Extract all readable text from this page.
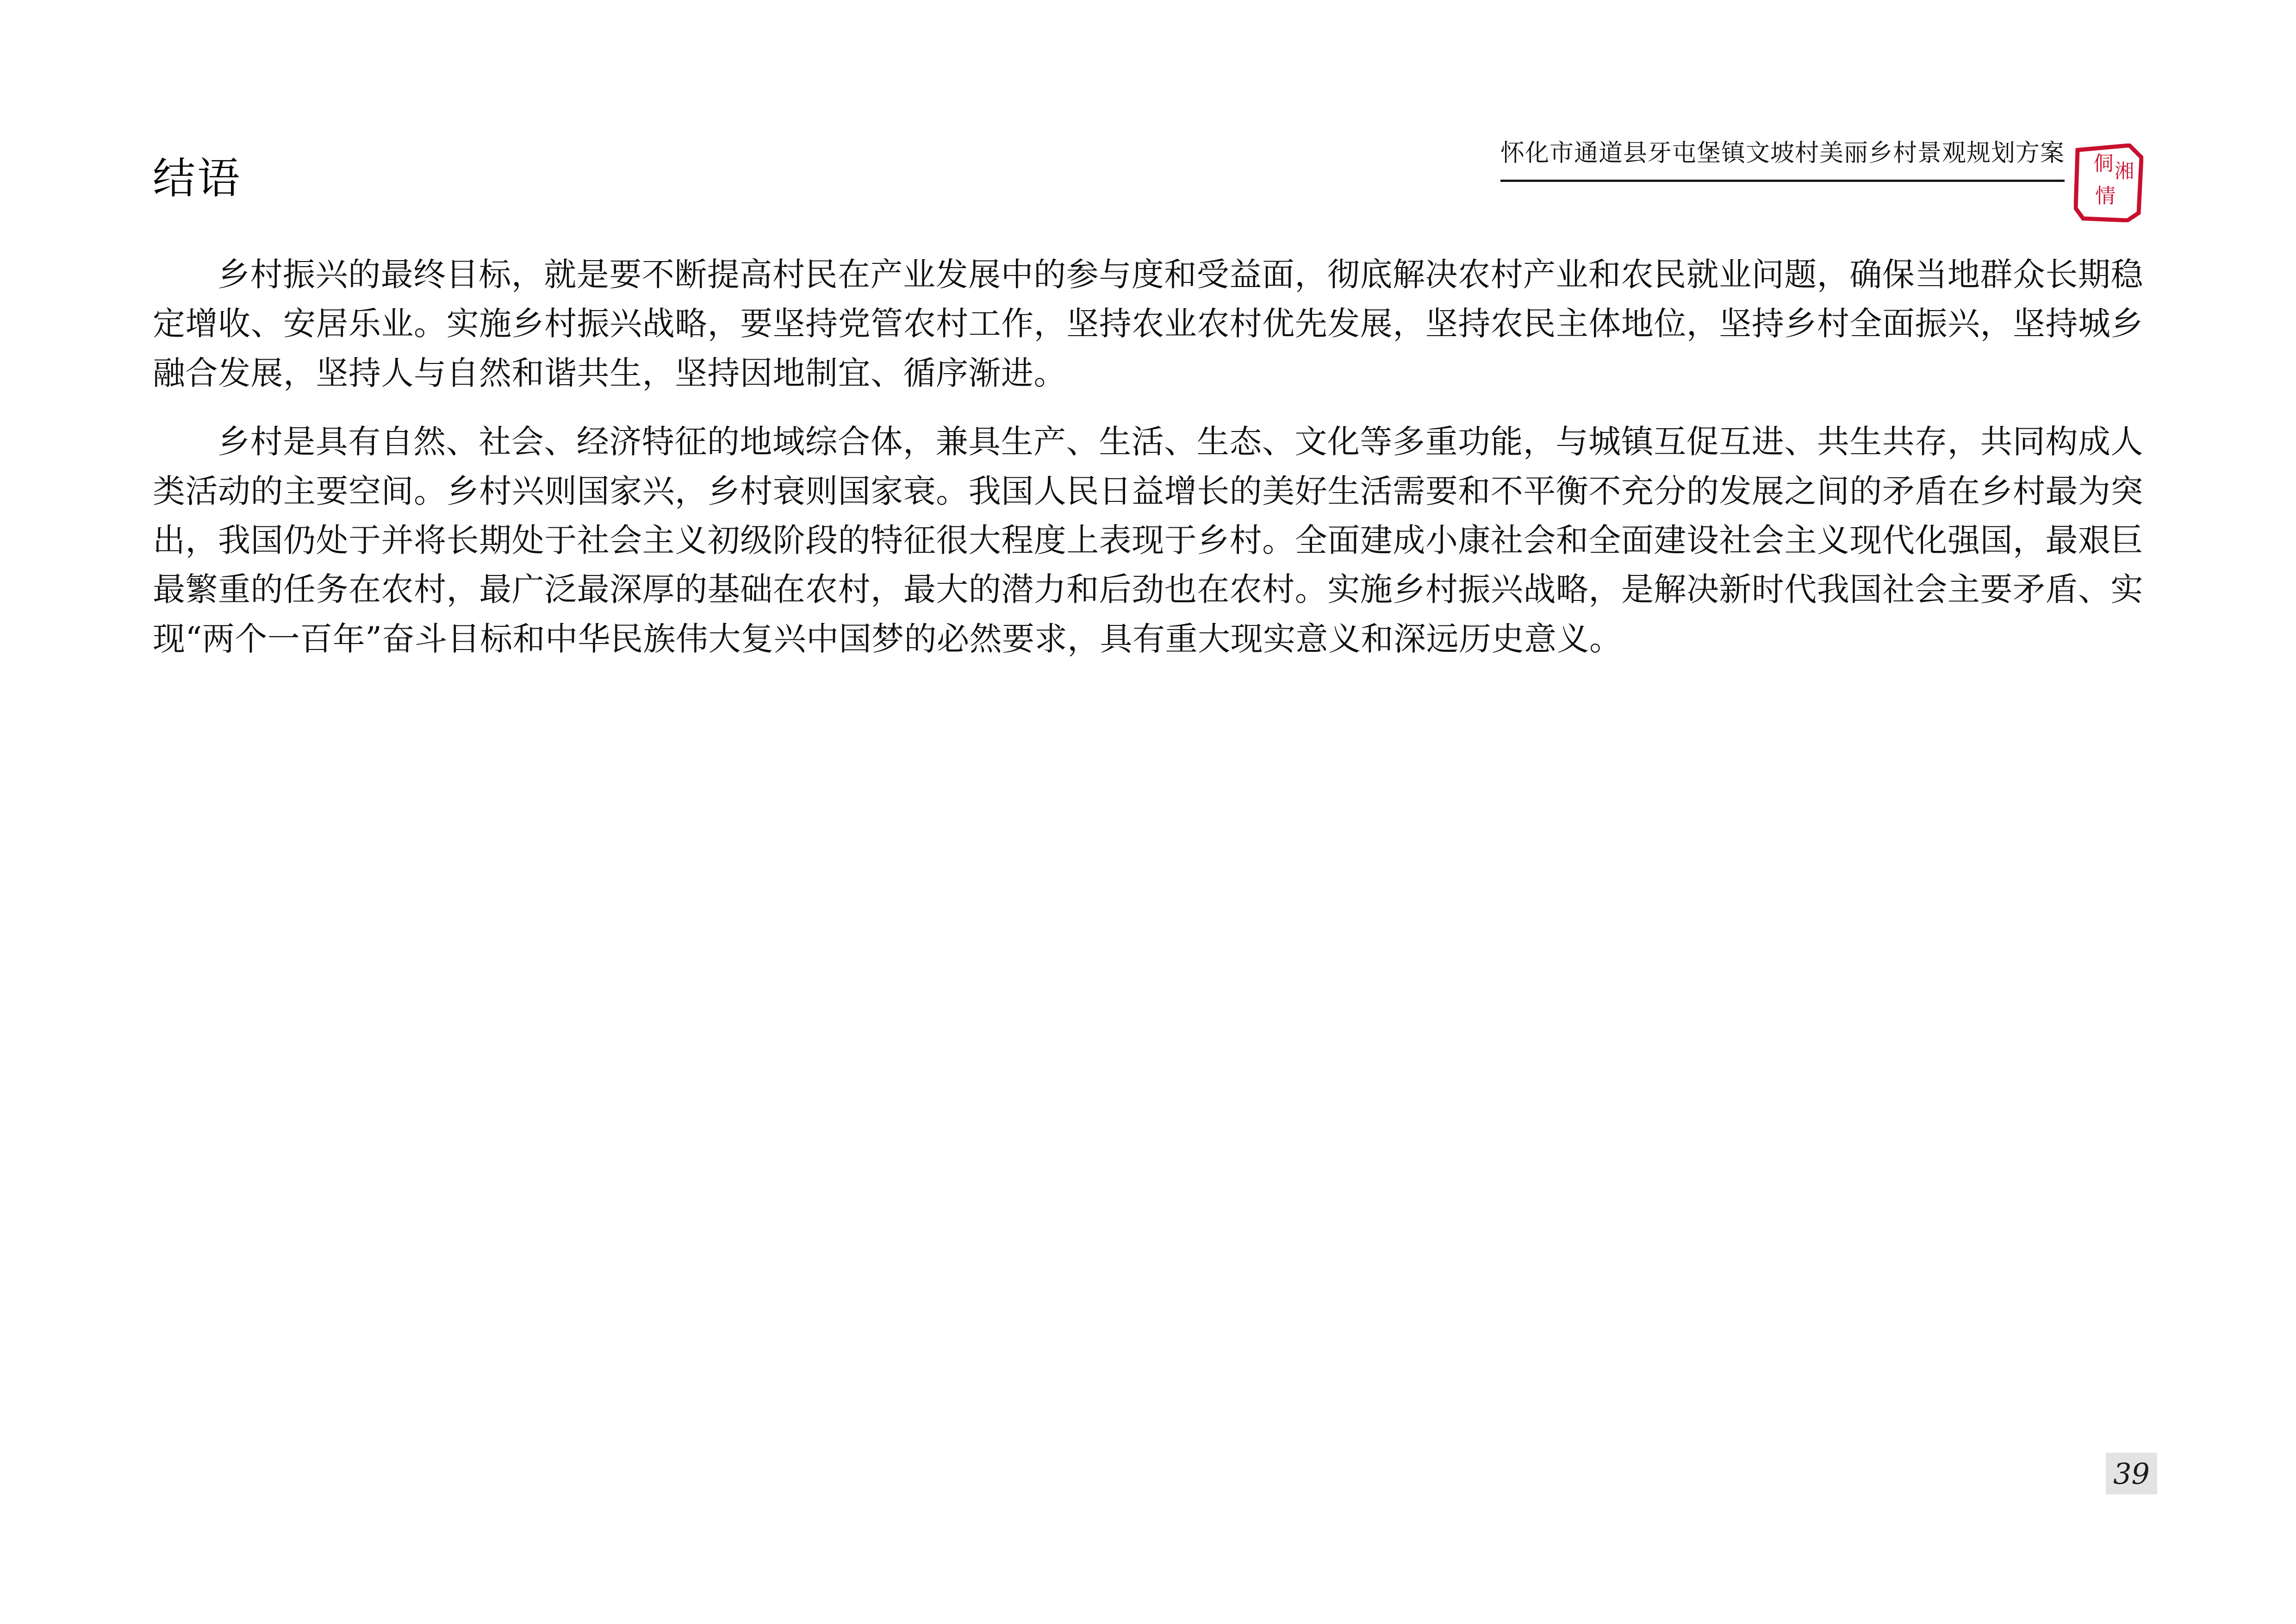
结语
怀化市通道县牙屯堡镇文坡村美丽乡村景观规划方案 侗 湘
情

乡村振兴的最终目标，就是要不断提高村民在产业发展中的参与度和受益面，彻底解决农村产业和农民就业问题，确保当地群众长期稳定增收、安居乐业。实施乡村振兴战略，要坚持党管农村工作，坚持农业农村优先发展，坚持农民主体地位，坚持乡村全面振兴，坚持城乡融合发展，坚持人与自然和谐共生，坚持因地制宜、循序渐进。

乡村是具有自然、社会、经济特征的地域综合体，兼具生产、生活、生态、文化等多重功能，与城镇互促互进、共生共存，共同构成人类活动的主要空间。乡村兴则国家兴，乡村衰则国家衰。我国人民日益增长的美好生活需要和不平衡不充分的发展之间的矛盾在乡村最为突出，我国仍处于并将长期处于社会主义初级阶段的特征很大程度上表现于乡村。全面建成小康社会和全面建设社会主义现代化强国，最艰巨最繁重的任务在农村，最广泛最深厚的基础在农村，最大的潜力和后劲也在农村。实施乡村振兴战略，是解决新时代我国社会主要矛盾、实现“两个一百年”奋斗目标和中华民族伟大复兴中国梦的必然要求，具有重大现实意义和深远历史意义。

39
